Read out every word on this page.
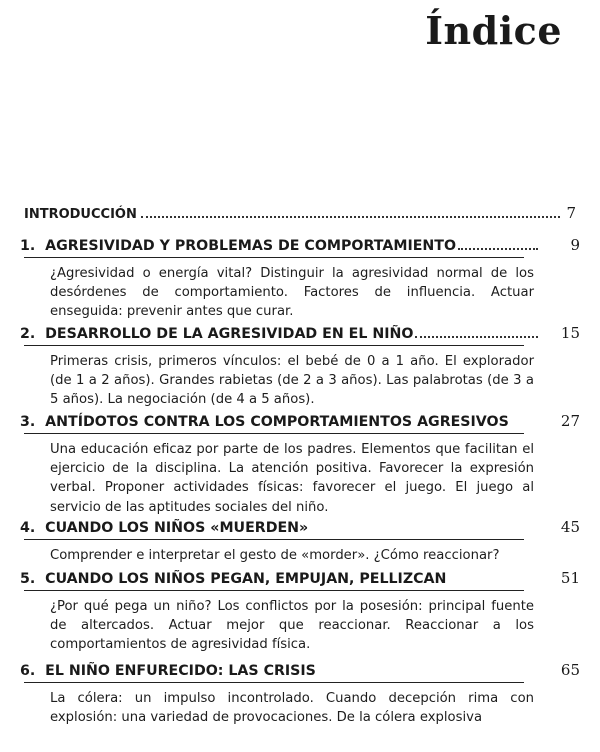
Índice
INTRODUCCIÓN	7
1. AGRESIVIDAD Y PROBLEMAS DE COMPORTAMIENTO	9
¿Agresividad o energía vital? Distinguir la agresividad normal de los desórdenes de comportamiento. Factores de influencia. Actuar enseguida: prevenir antes que curar.
2. DESARROLLO DE LA AGRESIVIDAD EN EL NIÑO	15
Primeras crisis, primeros vínculos: el bebé de 0 a 1 año. El explorador (de 1 a 2 años). Grandes rabietas (de 2 a 3 años). Las palabrotas (de 3 a 5 años). La negociación (de 4 a 5 años).
3. ANTÍDOTOS CONTRA LOS COMPORTAMIENTOS AGRESIVOS	27
Una educación eficaz por parte de los padres. Elementos que facilitan el ejercicio de la disciplina. La atención positiva. Favorecer la expresión verbal. Proponer actividades físicas: favorecer el juego. El juego al servicio de las aptitudes sociales del niño.
4. CUANDO LOS NIÑOS «MUERDEN»	45
Comprender e interpretar el gesto de «morder». ¿Cómo reaccionar?
5. CUANDO LOS NIÑOS PEGAN, EMPUJAN, PELLIZCAN	51
¿Por qué pega un niño? Los conflictos por la posesión: principal fuente de altercados. Actuar mejor que reaccionar. Reaccionar a los comportamientos de agresividad física.
6. EL NIÑO ENFURECIDO: LAS CRISIS	65
La cólera: un impulso incontrolado. Cuando decepción rima con explosión: una variedad de provocaciones. De la cólera explosiva
